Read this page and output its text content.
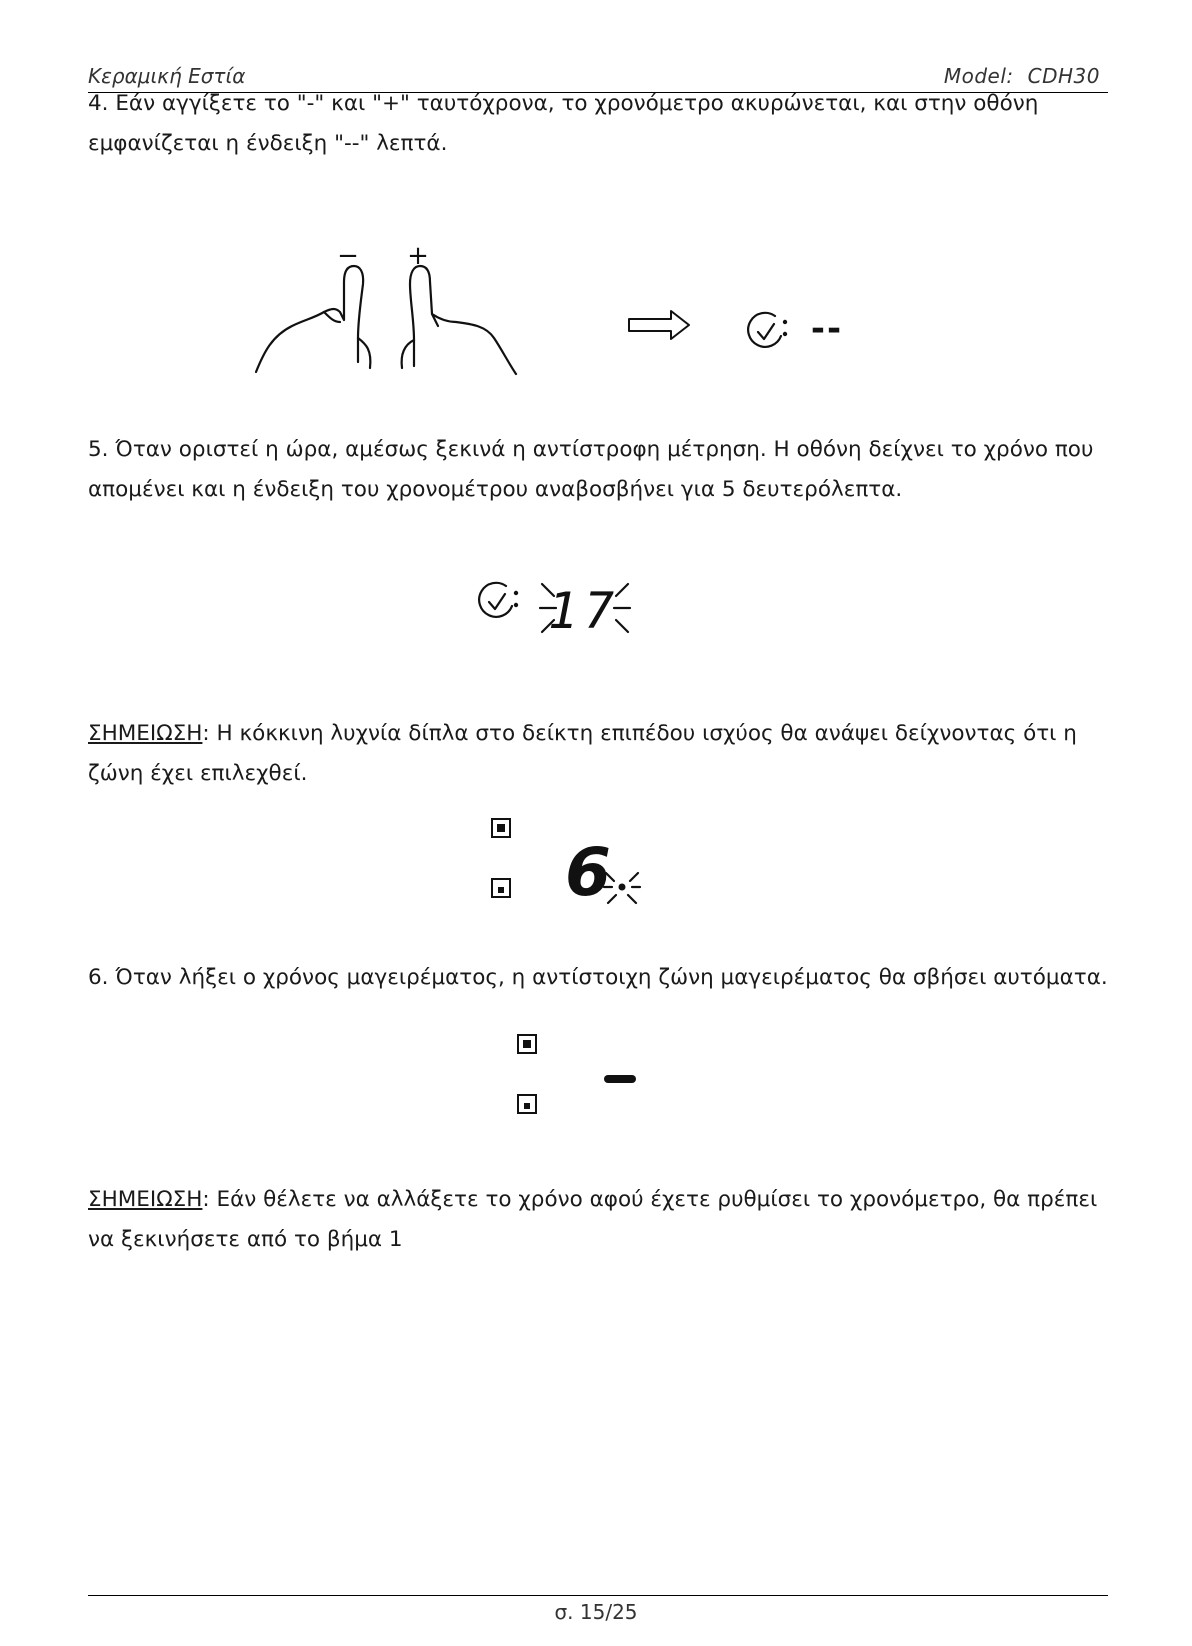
Κεραμική Εστία	Model: CDH30
4. Εάν αγγίξετε το "-" και "+" ταυτόχρονα, το χρονόμετρο ακυρώνεται, και στην οθόνη
εμφανίζεται η ένδειξη "--" λεπτά.
− +
--
5. Όταν οριστεί η ώρα, αμέσως ξεκινά η αντίστροφη μέτρηση. Η οθόνη δείχνει το χρόνο που
απομένει και η ένδειξη του χρονομέτρου αναβοσβήνει για 5 δευτερόλεπτα.
17
ΣΗΜΕΙΩΣΗ: Η κόκκινη λυχνία δίπλα στο δείκτη επιπέδου ισχύος θα ανάψει δείχνοντας ότι η
ζώνη έχει επιλεχθεί.
6
6. Όταν λήξει ο χρόνος μαγειρέματος, η αντίστοιχη ζώνη μαγειρέματος θα σβήσει αυτόματα.
ΣΗΜΕΙΩΣΗ: Εάν θέλετε να αλλάξετε το χρόνο αφού έχετε ρυθμίσει το χρονόμετρο, θα πρέπει
να ξεκινήσετε από το βήμα 1
σ. 15/25
